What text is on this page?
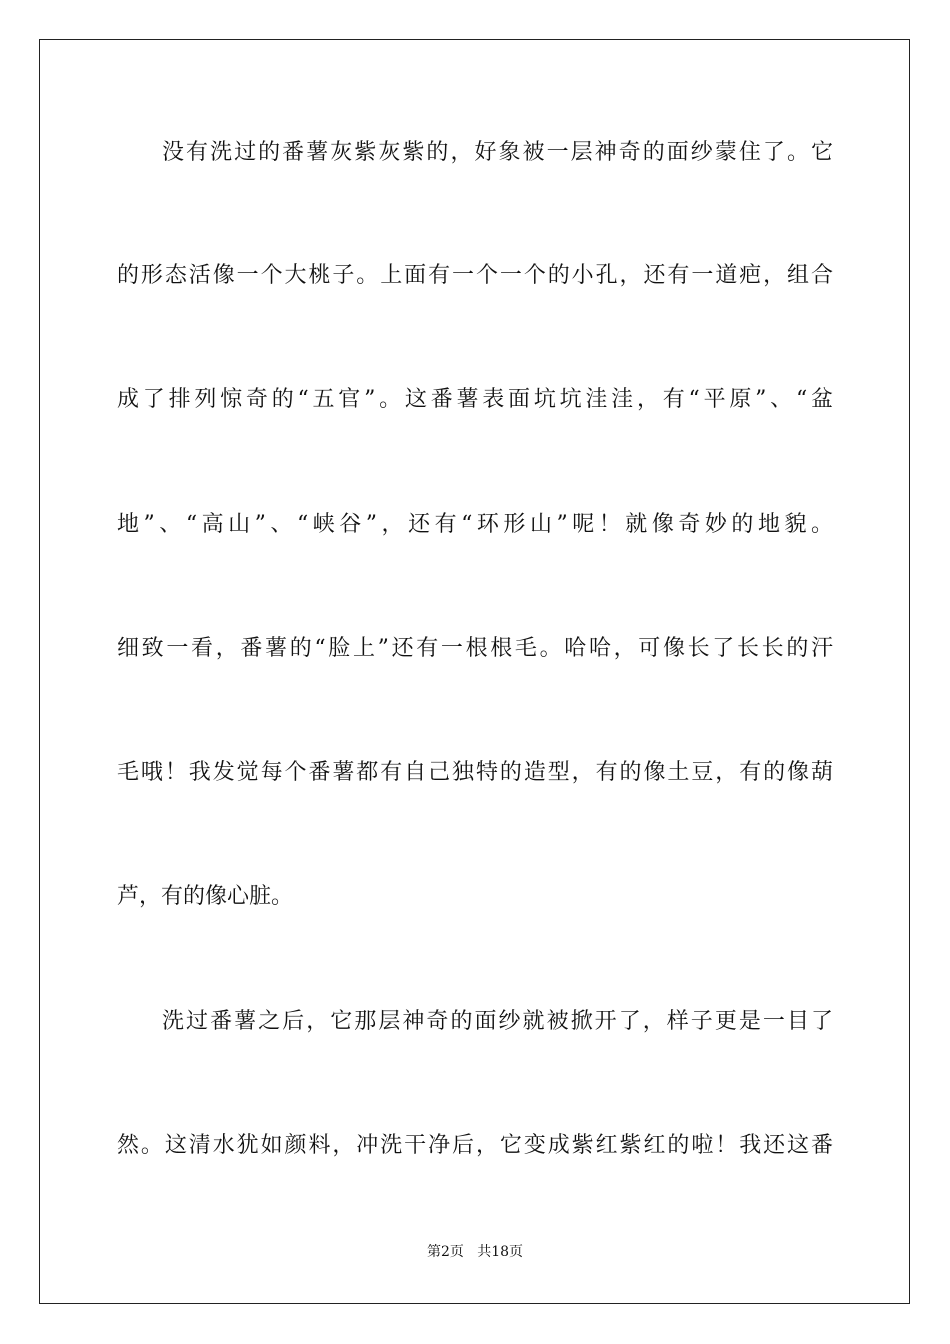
没有洗过的番薯灰紫灰紫的，好象被一层神奇的面纱蒙住了。它
的形态活像一个大桃子。上面有一个一个的小孔，还有一道疤，组合
成了排列惊奇的“五官”。这番薯表面坑坑洼洼，有“平原”、“盆
地”、“高山”、“峡谷”，还有“环形山”呢！就像奇妙的地貌。
细致一看，番薯的“脸上”还有一根根毛。哈哈，可像长了长长的汗
毛哦！我发觉每个番薯都有自己独特的造型，有的像土豆，有的像葫
芦，有的像心脏。
洗过番薯之后，它那层神奇的面纱就被掀开了，样子更是一目了
然。这清水犹如颜料，冲洗干净后，它变成紫红紫红的啦！我还这番
第2页   共18页
